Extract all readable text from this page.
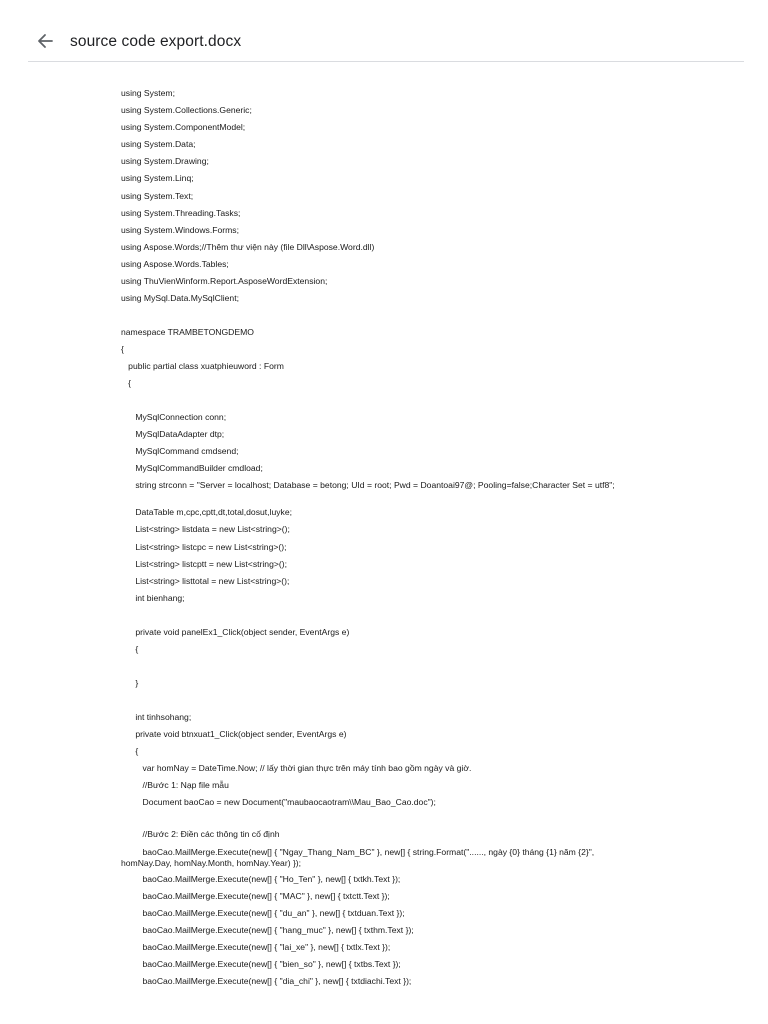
source code export.docx
using System;
using System.Collections.Generic;
using System.ComponentModel;
using System.Data;
using System.Drawing;
using System.Linq;
using System.Text;
using System.Threading.Tasks;
using System.Windows.Forms;
using Aspose.Words;//Thêm thư viện này (file Dll\Aspose.Word.dll)
using Aspose.Words.Tables;
using ThuVienWinform.Report.AsposeWordExtension;
using MySql.Data.MySqlClient;
namespace TRAMBETONGDEMO
{
public partial class xuatphieuword : Form
{
MySqlConnection conn;
MySqlDataAdapter dtp;
MySqlCommand cmdsend;
MySqlCommandBuilder cmdload;
string strconn = "Server = localhost; Database = betong; UId = root; Pwd = Doantoai97@; Pooling=false;Character Set = utf8";
DataTable m,cpc,cptt,dt,total,dosut,luyke;
List<string> listdata = new List<string>();
List<string> listcpc = new List<string>();
List<string> listcptt = new List<string>();
List<string> listtotal = new List<string>();
int bienhang;
private void panelEx1_Click(object sender, EventArgs e)
{
}
int tinhsohang;
private void btnxuat1_Click(object sender, EventArgs e)
{
var homNay = DateTime.Now; // lấy thời gian thực trên máy tính bao gồm ngày và giờ.
//Bước 1: Nạp file mẫu
Document baoCao = new Document("maubaocaotram\\Mau_Bao_Cao.doc");
//Bước 2: Điền các thông tin cố định
baoCao.MailMerge.Execute(new[] { "Ngay_Thang_Nam_BC" }, new[] { string.Format("......, ngày {0} tháng {1} năm {2}", homNay.Day, homNay.Month, homNay.Year) });
baoCao.MailMerge.Execute(new[] { "Ho_Ten" }, new[] { txtkh.Text });
baoCao.MailMerge.Execute(new[] { "MAC" }, new[] { txtctt.Text });
baoCao.MailMerge.Execute(new[] { "du_an" }, new[] { txtduan.Text });
baoCao.MailMerge.Execute(new[] { "hang_muc" }, new[] { txthm.Text });
baoCao.MailMerge.Execute(new[] { "lai_xe" }, new[] { txtlx.Text });
baoCao.MailMerge.Execute(new[] { "bien_so" }, new[] { txtbs.Text });
baoCao.MailMerge.Execute(new[] { "dia_chi" }, new[] { txtdiachi.Text });
